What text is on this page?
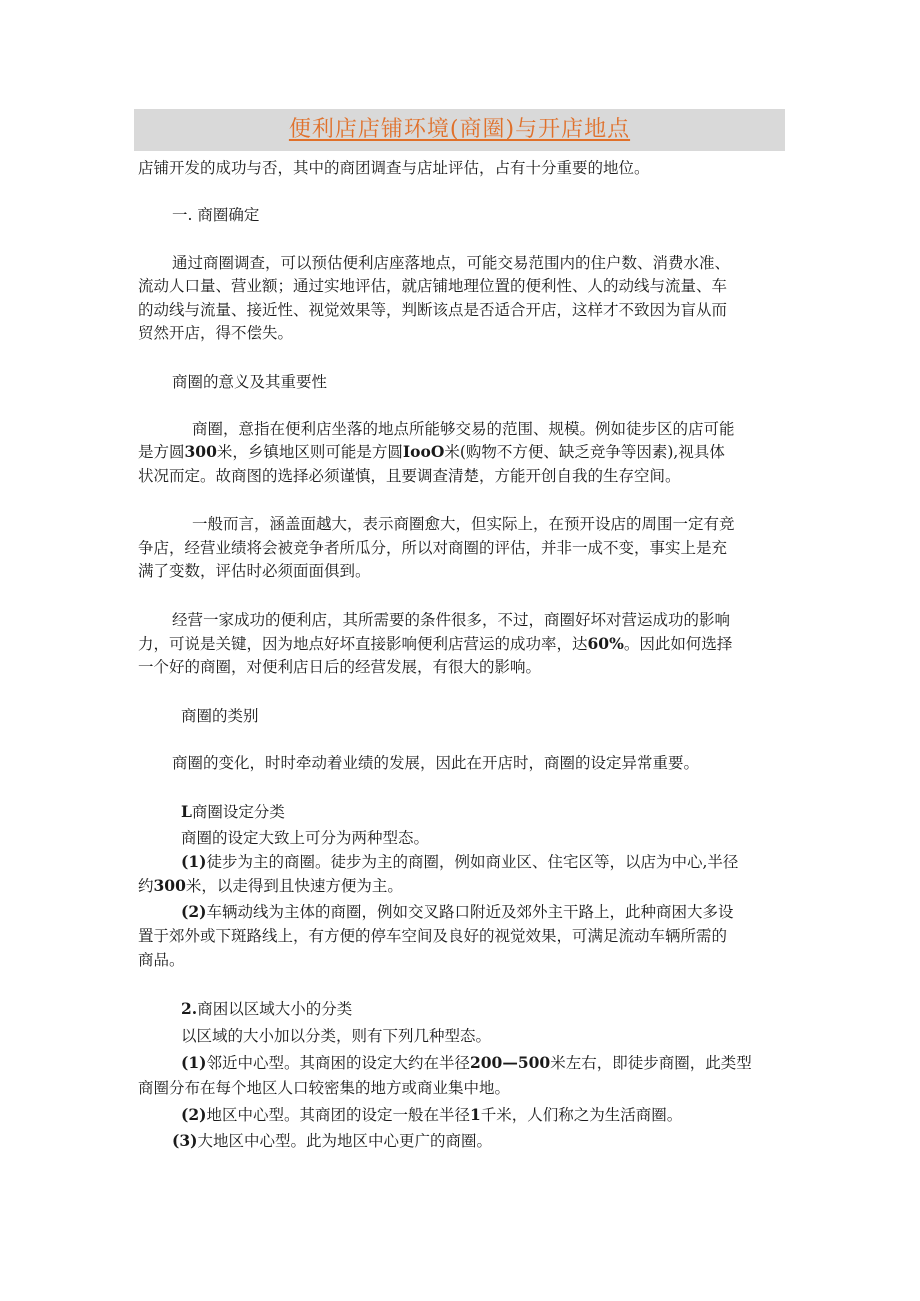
便利店店铺环境(商圈)与开店地点
店铺开发的成功与否，其中的商团调查与店址评估，占有十分重要的地位。
一. 商圈确定
通过商圈调查，可以预估便利店座落地点，可能交易范围内的住户数、消费水准、
流动人口量、营业额；通过实地评估，就店铺地理位置的便利性、人的动线与流量、车
的动线与流量、接近性、视觉效果等，判断该点是否适合开店，这样才不致因为盲从而
贸然开店，得不偿失。
商圈的意义及其重要性
商圈，意指在便利店坐落的地点所能够交易的范围、规模。例如徒步区的店可能
是方圆300米，乡镇地区则可能是方圆IooO米(购物不方便、缺乏竞争等因素),视具体
状况而定。故商图的选择必须谨慎，且要调查清楚，方能开创自我的生存空间。
一般而言，涵盖面越大，表示商圈愈大，但实际上，在预开设店的周围一定有竞
争店，经营业绩将会被竞争者所瓜分，所以对商圈的评估，并非一成不变，事实上是充
满了变数，评估时必须面面俱到。
经营一家成功的便利店，其所需要的条件很多，不过，商圈好坏对营运成功的影响
力，可说是关键，因为地点好坏直接影响便利店营运的成功率，达60%。因此如何选择
一个好的商圈，对便利店日后的经营发展，有很大的影响。
商圈的类别
商圈的变化，时时牵动着业绩的发展，因此在开店时，商圈的设定异常重要。
L商圈设定分类
商圈的设定大致上可分为两种型态。
(1)徒步为主的商圈。徒步为主的商圈，例如商业区、住宅区等，以店为中心,半径
约300米，以走得到且快速方便为主。
(2)车辆动线为主体的商圈，例如交叉路口附近及郊外主干路上，此种商困大多设
置于郊外或下斑路线上，有方便的停车空间及良好的视觉效果，可满足流动车辆所需的
商品。
2.商困以区域大小的分类
以区域的大小加以分类，则有下列几种型态。
(1)邻近中心型。其商困的设定大约在半径200—500米左右，即徒步商圈，此类型
商圈分布在每个地区人口较密集的地方或商业集中地。
(2)地区中心型。其商团的设定一般在半径1千米，人们称之为生活商圈。
(3)大地区中心型。此为地区中心更广的商圈。
